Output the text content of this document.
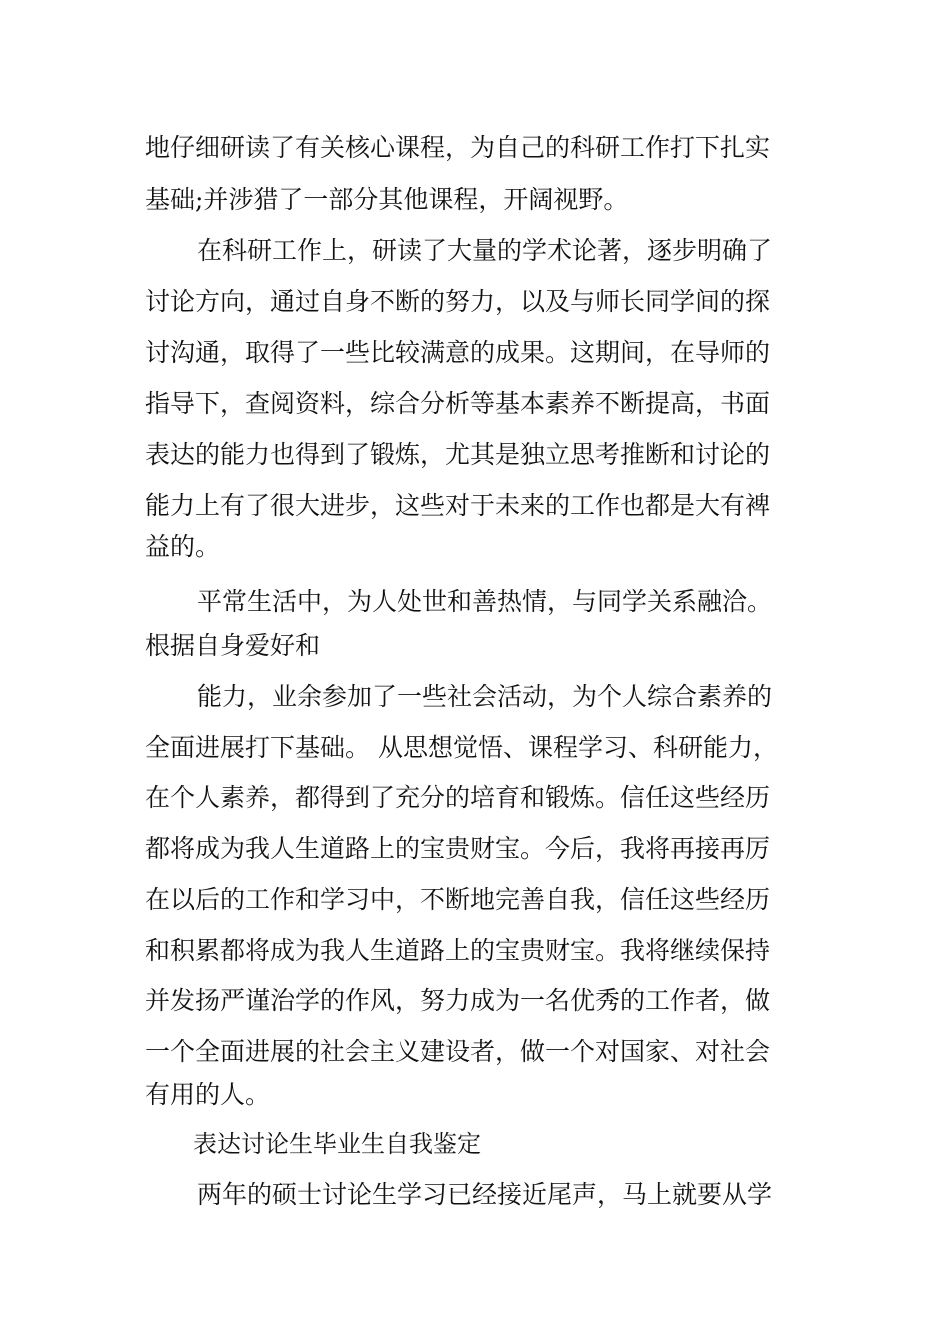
地仔细研读了有关核心课程，为自己的科研工作打下扎实
基础;并涉猎了一部分其他课程，开阔视野。
在科研工作上，研读了大量的学术论著，逐步明确了
讨论方向，通过自身不断的努力，以及与师长同学间的探
讨沟通，取得了一些比较满意的成果。这期间，在导师的
指导下，查阅资料，综合分析等基本素养不断提高，书面
表达的能力也得到了锻炼，尤其是独立思考推断和讨论的
能力上有了很大进步，这些对于未来的工作也都是大有裨
益的。
平常生活中，为人处世和善热情，与同学关系融洽。
根据自身爱好和
能力，业余参加了一些社会活动，为个人综合素养的
全面进展打下基础。 从思想觉悟、课程学习、科研能力，
在个人素养，都得到了充分的培育和锻炼。信任这些经历
都将成为我人生道路上的宝贵财宝。今后，我将再接再厉
在以后的工作和学习中，不断地完善自我，信任这些经历
和积累都将成为我人生道路上的宝贵财宝。我将继续保持
并发扬严谨治学的作风，努力成为一名优秀的工作者，做
一个全面进展的社会主义建设者，做一个对国家、对社会
有用的人。
表达讨论生毕业生自我鉴定
两年的硕士讨论生学习已经接近尾声，马上就要从学
